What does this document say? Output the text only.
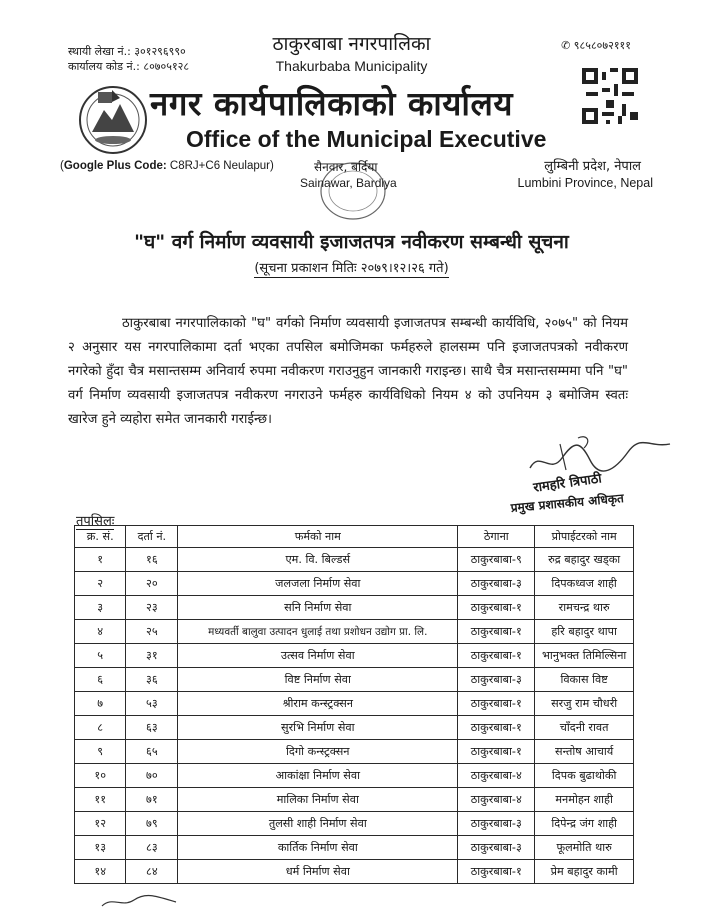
स्थायी लेखा नं.: ३०१२९६९९०
कार्यालय कोड नं.: ८०७०५१२८
✆ ९८५८०७२१११
ठाकुरबाबा नगरपालिका
Thakurbaba Municipality
नगर कार्यपालिकाको कार्यालय
Office of the Municipal Executive
(Google Plus Code: C8RJ+C6 Neulapur)	सैनवार, बर्दिया
Sainawar, Bardiya
लुम्बिनी प्रदेश, नेपाल
Lumbini Province, Nepal
"घ" वर्ग निर्माण व्यवसायी इजाजतपत्र नवीकरण सम्बन्धी सूचना
(सूचना प्रकाशन मितिः २०७९।१२।२६ गते)

ठाकुरबाबा नगरपालिकाको "घ" वर्गको निर्माण व्यवसायी इजाजतपत्र सम्बन्धी कार्यविधि, २०७५" को नियम २ अनुसार यस नगरपालिकामा दर्ता भएका तपसिल बमोजिमका फर्महरुले हालसम्म पनि इजाजतपत्रको नवीकरण नगरेको हुँदा चैत्र मसान्तसम्म अनिवार्य रुपमा नवीकरण गराउनुहुन जानकारी गराइन्छ। साथै चैत्र मसान्तसम्ममा पनि "घ" वर्ग निर्माण व्यवसायी इजाजतपत्र नवीकरण नगराउने फर्महरु कार्यविधिको नियम ४ को उपनियम ३ बमोजिम स्वतः खारेज हुने व्यहोरा समेत जानकारी गराईन्छ।

रामहरि त्रिपाठी
प्रमुख प्रशासकीय अधिकृत
तपसिलः
क्र. सं.	दर्ता नं.	फर्मको नाम	ठेगाना	प्रोपाईटरको नाम
१	१६	एम. वि. बिल्डर्स	ठाकुरबाबा-९	रुद्र बहादुर खड्का
२	२०	जलजला निर्माण सेवा	ठाकुरबाबा-३	दिपकध्वज शाही
३	२३	सनि निर्माण सेवा	ठाकुरबाबा-१	रामचन्द्र थारु
४	२५	मध्यवर्ती बालुवा उत्पादन धुलाई तथा प्रशोधन उद्योग प्रा. लि.	ठाकुरबाबा-१	हरि बहादुर थापा
५	३१	उत्सव निर्माण सेवा	ठाकुरबाबा-१	भानुभक्त तिमिल्सिना
६	३६	विष्ट निर्माण सेवा	ठाकुरबाबा-३	विकास विष्ट
७	५३	श्रीराम कन्स्ट्रक्सन	ठाकुरबाबा-१	सरजु राम चौधरी
८	६३	सुरभि निर्माण सेवा	ठाकुरबाबा-१	चाँदनी रावत
९	६५	दिगो कन्स्ट्रक्सन	ठाकुरबाबा-१	सन्तोष आचार्य
१०	७०	आकांक्षा निर्माण सेवा	ठाकुरबाबा-४	दिपक बुढाथोकी
११	७१	मालिका निर्माण सेवा	ठाकुरबाबा-४	मनमोहन शाही
१२	७९	तुलसी शाही निर्माण सेवा	ठाकुरबाबा-३	दिपेन्द्र जंग शाही
१३	८३	कार्तिक निर्माण सेवा	ठाकुरबाबा-३	फूलमोति थारु
१४	८४	धर्म निर्माण सेवा	ठाकुरबाबा-१	प्रेम बहादुर कामी
